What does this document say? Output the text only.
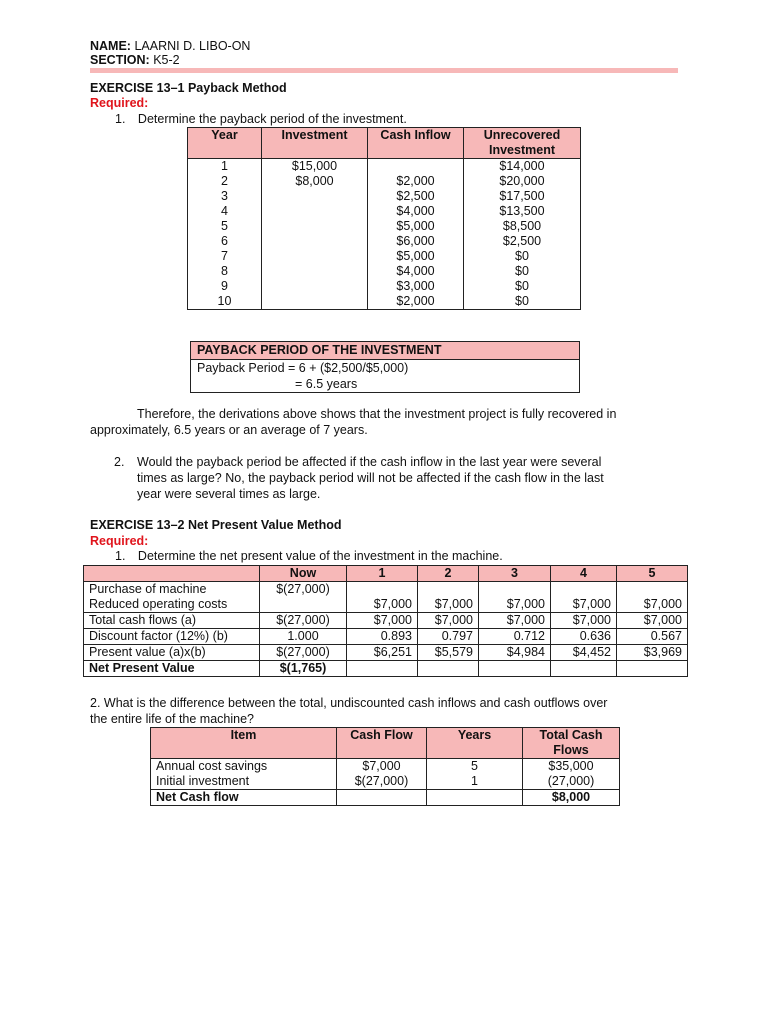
NAME: LAARNI D. LIBO-ON
SECTION: K5-2
EXERCISE 13–1 Payback Method
Required:
1. Determine the payback period of the investment.
Year	Investment	Cash Inflow	Unrecovered Investment
1	$15,000		$14,000
2	$8,000	$2,000	$20,000
3		$2,500	$17,500
4		$4,000	$13,500
5		$5,000	$8,500
6		$6,000	$2,500
7		$5,000	$0
8		$4,000	$0
9		$3,000	$0
10		$2,000	$0
PAYBACK PERIOD OF THE INVESTMENT
Payback Period = 6 + ($2,500/$5,000)
= 6.5 years
Therefore, the derivations above shows that the investment project is fully recovered in
approximately, 6.5 years or an average of 7 years.
2. Would the payback period be affected if the cash inflow in the last year were several
times as large? No, the payback period will not be affected if the cash flow in the last
year were several times as large.
EXERCISE 13–2 Net Present Value Method
Required:
1. Determine the net present value of the investment in the machine.
	Now	1	2	3	4	5
Purchase of machine	$(27,000)					
Reduced operating costs		$7,000	$7,000	$7,000	$7,000	$7,000
Total cash flows (a)	$(27,000)	$7,000	$7,000	$7,000	$7,000	$7,000
Discount factor (12%) (b)	1.000	0.893	0.797	0.712	0.636	0.567
Present value (a)x(b)	$(27,000)	$6,251	$5,579	$4,984	$4,452	$3,969
Net Present Value	$(1,765)					
2. What is the difference between the total, undiscounted cash inflows and cash outflows over
the entire life of the machine?
Item	Cash Flow	Years	Total Cash Flows
Annual cost savings	$7,000	5	$35,000
Initial investment	$(27,000)	1	(27,000)
Net Cash flow			$8,000
